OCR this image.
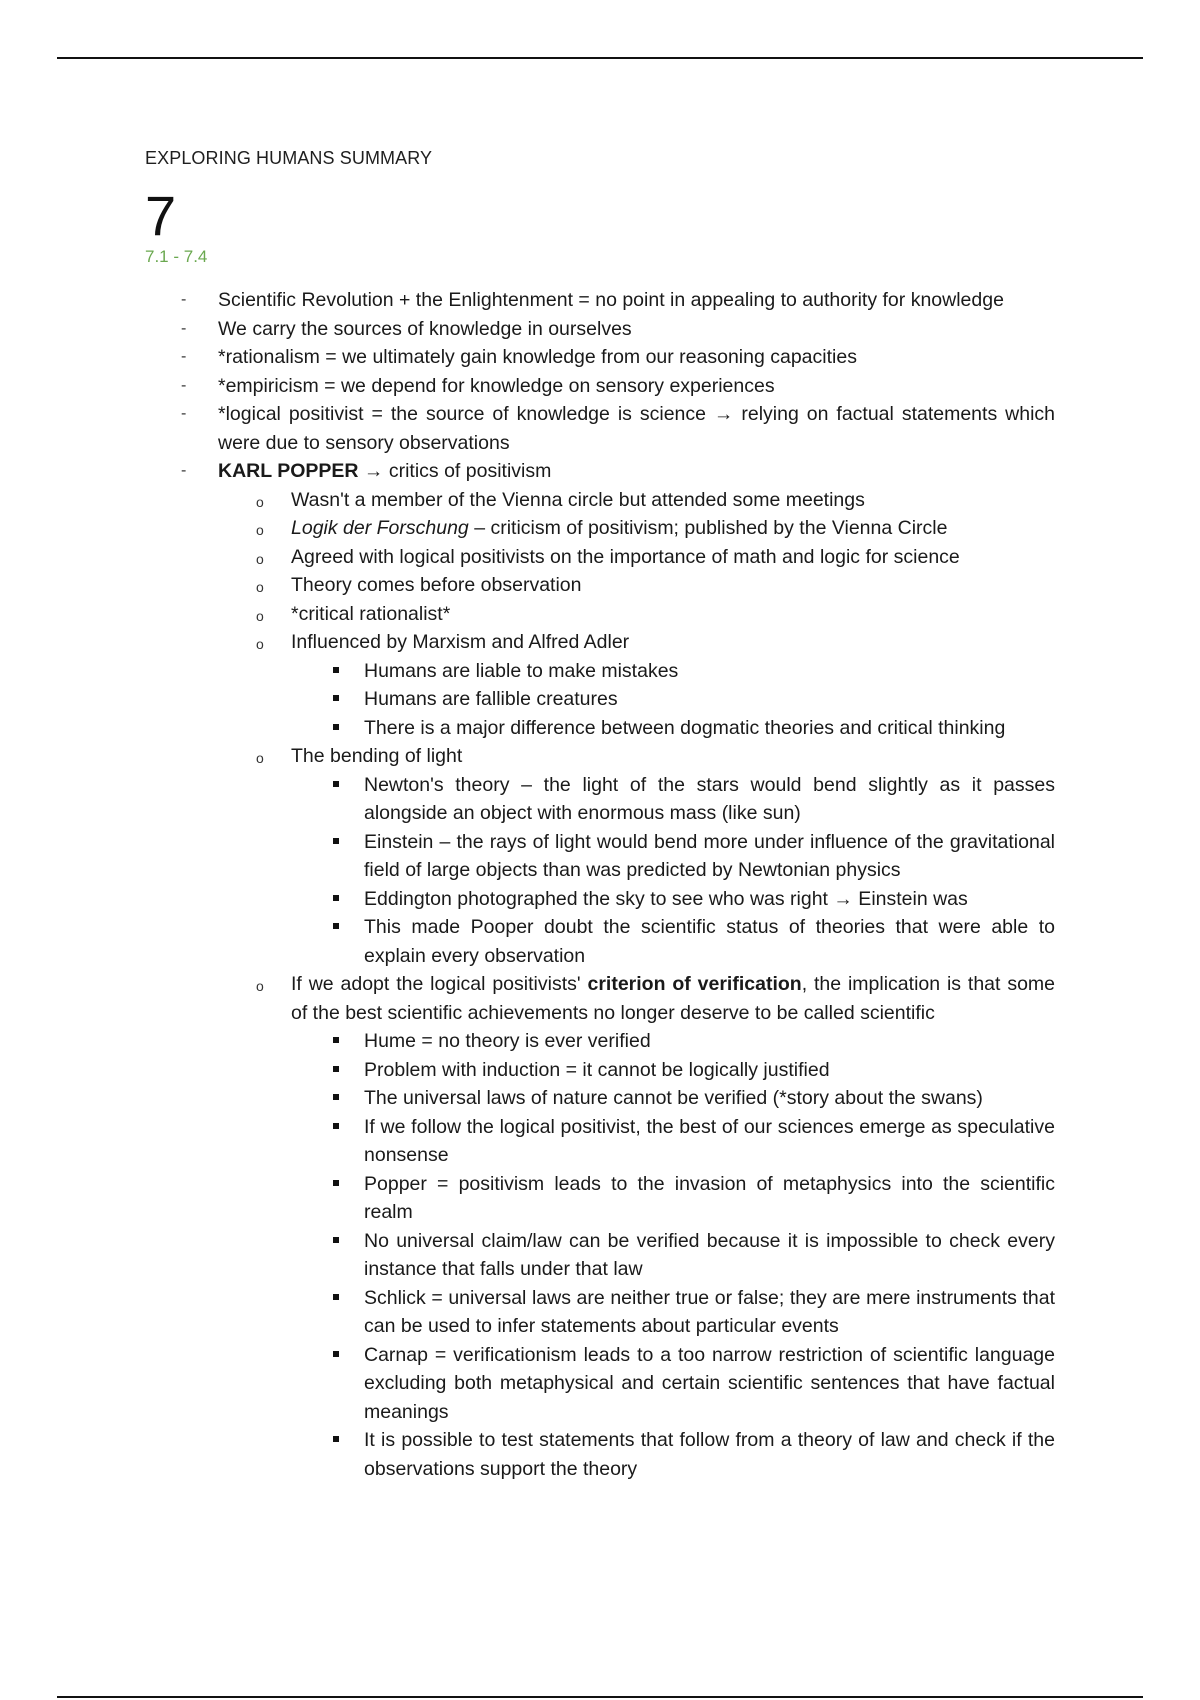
EXPLORING HUMANS SUMMARY
7
7.1 - 7.4
- Scientific Revolution + the Enlightenment = no point in appealing to authority for knowledge
- We carry the sources of knowledge in ourselves
- *rationalism = we ultimately gain knowledge from our reasoning capacities
- *empiricism = we depend for knowledge on sensory experiences
- *logical positivist = the source of knowledge is science → relying on factual statements which were due to sensory observations
- KARL POPPER → critics of positivism
o Wasn't a member of the Vienna circle but attended some meetings
o Logik der Forschung – criticism of positivism; published by the Vienna Circle
o Agreed with logical positivists on the importance of math and logic for science
o Theory comes before observation
o *critical rationalist*
o Influenced by Marxism and Alfred Adler
Humans are liable to make mistakes
Humans are fallible creatures
There is a major difference between dogmatic theories and critical thinking
o The bending of light
Newton's theory – the light of the stars would bend slightly as it passes alongside an object with enormous mass (like sun)
Einstein – the rays of light would bend more under influence of the gravitational field of large objects than was predicted by Newtonian physics
Eddington photographed the sky to see who was right → Einstein was
This made Pooper doubt the scientific status of theories that were able to explain every observation
o If we adopt the logical positivists' criterion of verification, the implication is that some of the best scientific achievements no longer deserve to be called scientific
Hume = no theory is ever verified
Problem with induction = it cannot be logically justified
The universal laws of nature cannot be verified (*story about the swans)
If we follow the logical positivist, the best of our sciences emerge as speculative nonsense
Popper = positivism leads to the invasion of metaphysics into the scientific realm
No universal claim/law can be verified because it is impossible to check every instance that falls under that law
Schlick = universal laws are neither true or false; they are mere instruments that can be used to infer statements about particular events
Carnap = verificationism leads to a too narrow restriction of scientific language excluding both metaphysical and certain scientific sentences that have factual meanings
It is possible to test statements that follow from a theory of law and check if the observations support the theory
